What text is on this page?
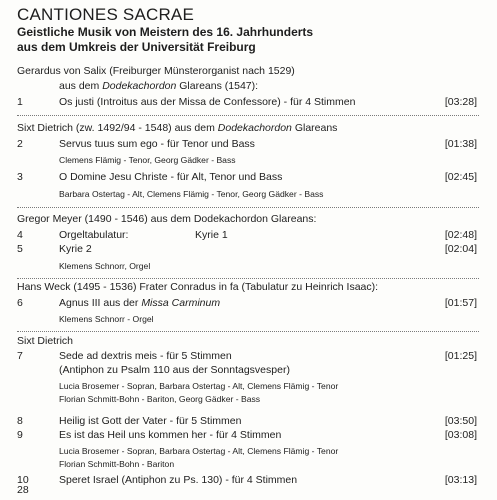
CANTIONES SACRAE
Geistliche Musik von Meistern des 16. Jahrhunderts
aus dem Umkreis der Universität Freiburg
Gerardus von Salix (Freiburger Münsterorganist nach 1529)
aus dem Dodekachordon Glareans (1547):
1	Os justi (Introitus aus der Missa de Confessore) - für 4 Stimmen	[03:28]
Sixt Dietrich (zw. 1492/94 - 1548) aus dem Dodekachordon Glareans
2	Servus tuus sum ego - für Tenor und Bass	[01:38]
Clemens Flämig - Tenor, Georg Gädker - Bass
3	O Domine Jesu Christe - für Alt, Tenor und Bass	[02:45]
Barbara Ostertag - Alt, Clemens Flämig - Tenor, Georg Gädker - Bass
Gregor Meyer (1490 - 1546) aus dem Dodekachordon Glareans:
4	Orgeltabulatur:	Kyrie 1	[02:48]
5	Kyrie 2	[02:04]
Klemens Schnorr, Orgel
Hans Weck (1495 - 1536) Frater Conradus in fa (Tabulatur zu Heinrich Isaac):
6	Agnus III aus der Missa Carminum	[01:57]
Klemens Schnorr - Orgel
Sixt Dietrich
7	Sede ad dextris meis - für 5 Stimmen	[01:25]
(Antiphon zu Psalm 110 aus der Sonntagsvesper)
Lucia Brosemer - Sopran, Barbara Ostertag - Alt, Clemens Flämig - Tenor
Florian Schmitt-Bohn - Bariton, Georg Gädker - Bass
8	Heilig ist Gott der Vater - für 5 Stimmen	[03:50]
9	Es ist das Heil uns kommen her - für 4 Stimmen	[03:08]
Lucia Brosemer - Sopran, Barbara Ostertag - Alt, Clemens Flämig - Tenor
Florian Schmitt-Bohn - Bariton
10	Speret Israel (Antiphon zu Ps. 130) - für 4 Stimmen	[03:13]
28
